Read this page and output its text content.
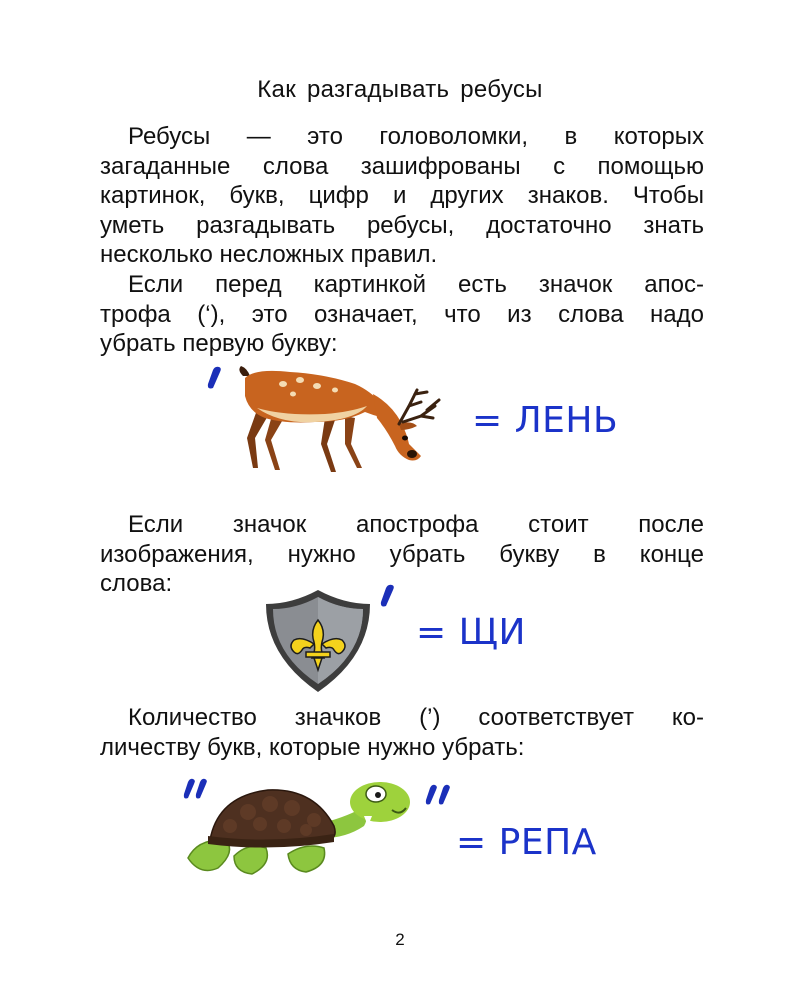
Как разгадывать ребусы
Ребусы — это головоломки, в которых
загаданные слова зашифрованы с помощью
картинок, букв, цифр и других знаков. Чтобы
уметь разгадывать ребусы, достаточно знать
несколько несложных правил.
Если перед картинкой есть значок апос-
трофа (‘), это означает, что из слова надо
убрать первую букву:
= ЛЕНЬ
Если значок апострофа стоит после
изображения, нужно убрать букву в конце
слова:
= ЩИ
Количество значков (’) соответствует ко-
личеству букв, которые нужно убрать:
= РЕПА
2
